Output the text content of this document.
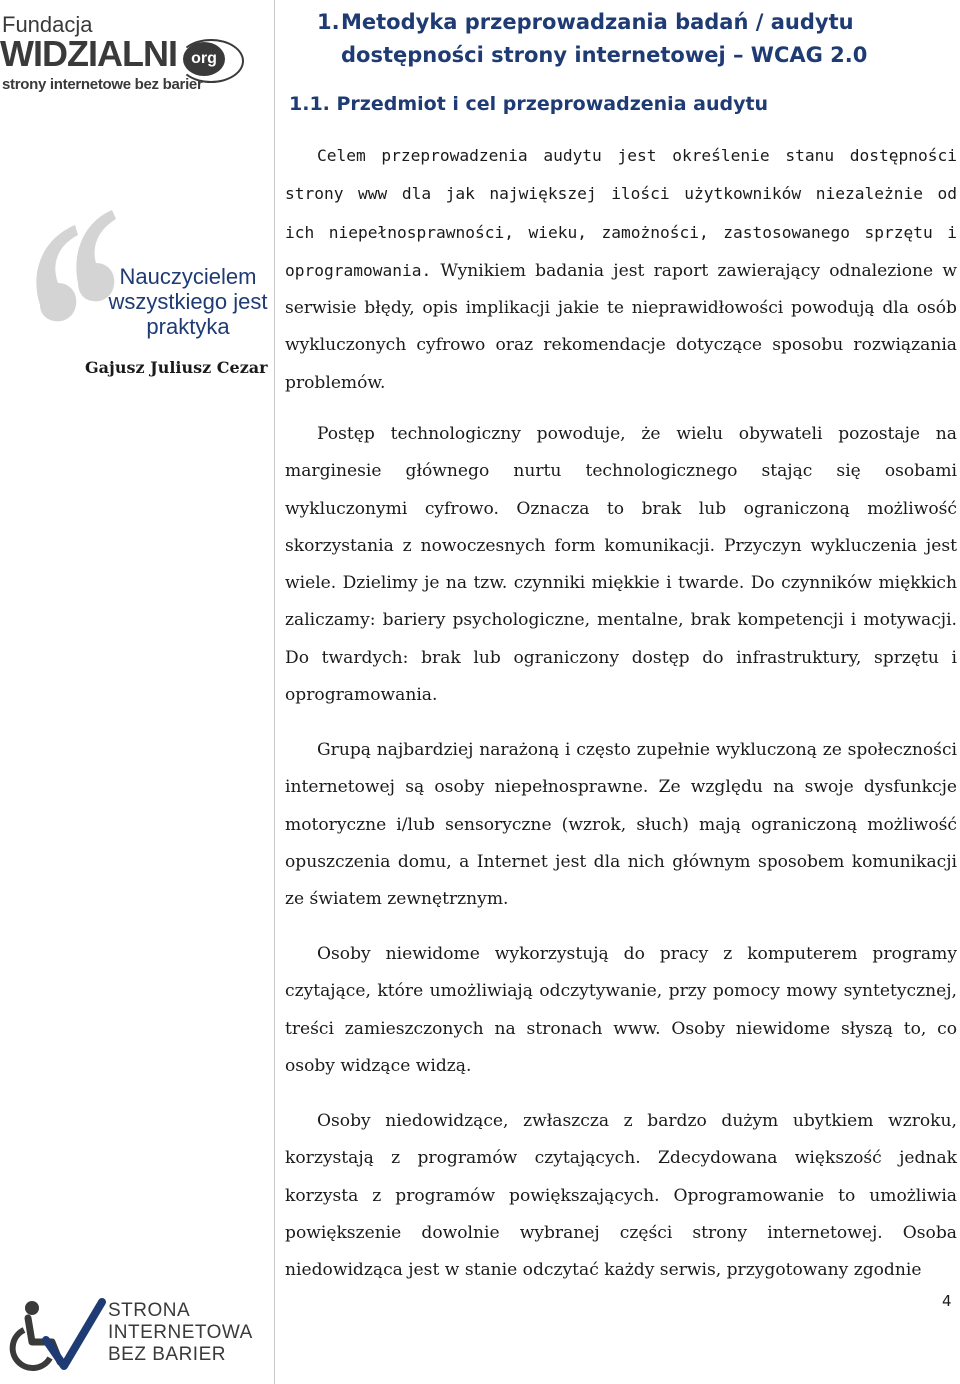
Fundacja
WIDZIALNI org
strony internetowe bez barier
Nauczycielem wszystkiego jest praktyka
Gajusz Juliusz Cezar
STRONA
INTERNETOWA
BEZ BARIER
1. Metodyka przeprowadzania badań / audytu dostępności strony internetowej – WCAG 2.0
1.1. Przedmiot i cel przeprowadzenia audytu
Celem przeprowadzenia audytu jest określenie stanu dostępności strony www dla jak największej ilości użytkowników niezależnie od ich niepełnosprawności, wieku, zamożności, zastosowanego sprzętu i oprogramowania. Wynikiem badania jest raport zawierający odnalezione w serwisie błędy, opis implikacji jakie te nieprawidłowości powodują dla osób wykluczonych cyfrowo oraz rekomendacje dotyczące sposobu rozwiązania problemów.
Postęp technologiczny powoduje, że wielu obywateli pozostaje na marginesie głównego nurtu technologicznego stając się osobami wykluczonymi cyfrowo. Oznacza to brak lub ograniczoną możliwość skorzystania z nowoczesnych form komunikacji. Przyczyn wykluczenia jest wiele. Dzielimy je na tzw. czynniki miękkie i twarde. Do czynników miękkich zaliczamy: bariery psychologiczne, mentalne, brak kompetencji i motywacji. Do twardych: brak lub ograniczony dostęp do infrastruktury, sprzętu i oprogramowania.
Grupą najbardziej narażoną i często zupełnie wykluczoną ze społeczności internetowej są osoby niepełnosprawne. Ze względu na swoje dysfunkcje motoryczne i/lub sensoryczne (wzrok, słuch) mają ograniczoną możliwość opuszczenia domu, a Internet jest dla nich głównym sposobem komunikacji ze światem zewnętrznym.
Osoby niewidome wykorzystują do pracy z komputerem programy czytające, które umożliwiają odczytywanie, przy pomocy mowy syntetycznej, treści zamieszczonych na stronach www. Osoby niewidome słyszą to, co osoby widzące widzą.
Osoby niedowidzące, zwłaszcza z bardzo dużym ubytkiem wzroku, korzystają z programów czytających. Zdecydowana większość jednak korzysta z programów powiększających. Oprogramowanie to umożliwia powiększenie dowolnie wybranej części strony internetowej. Osoba niedowidząca jest w stanie odczytać każdy serwis, przygotowany zgodnie
4
